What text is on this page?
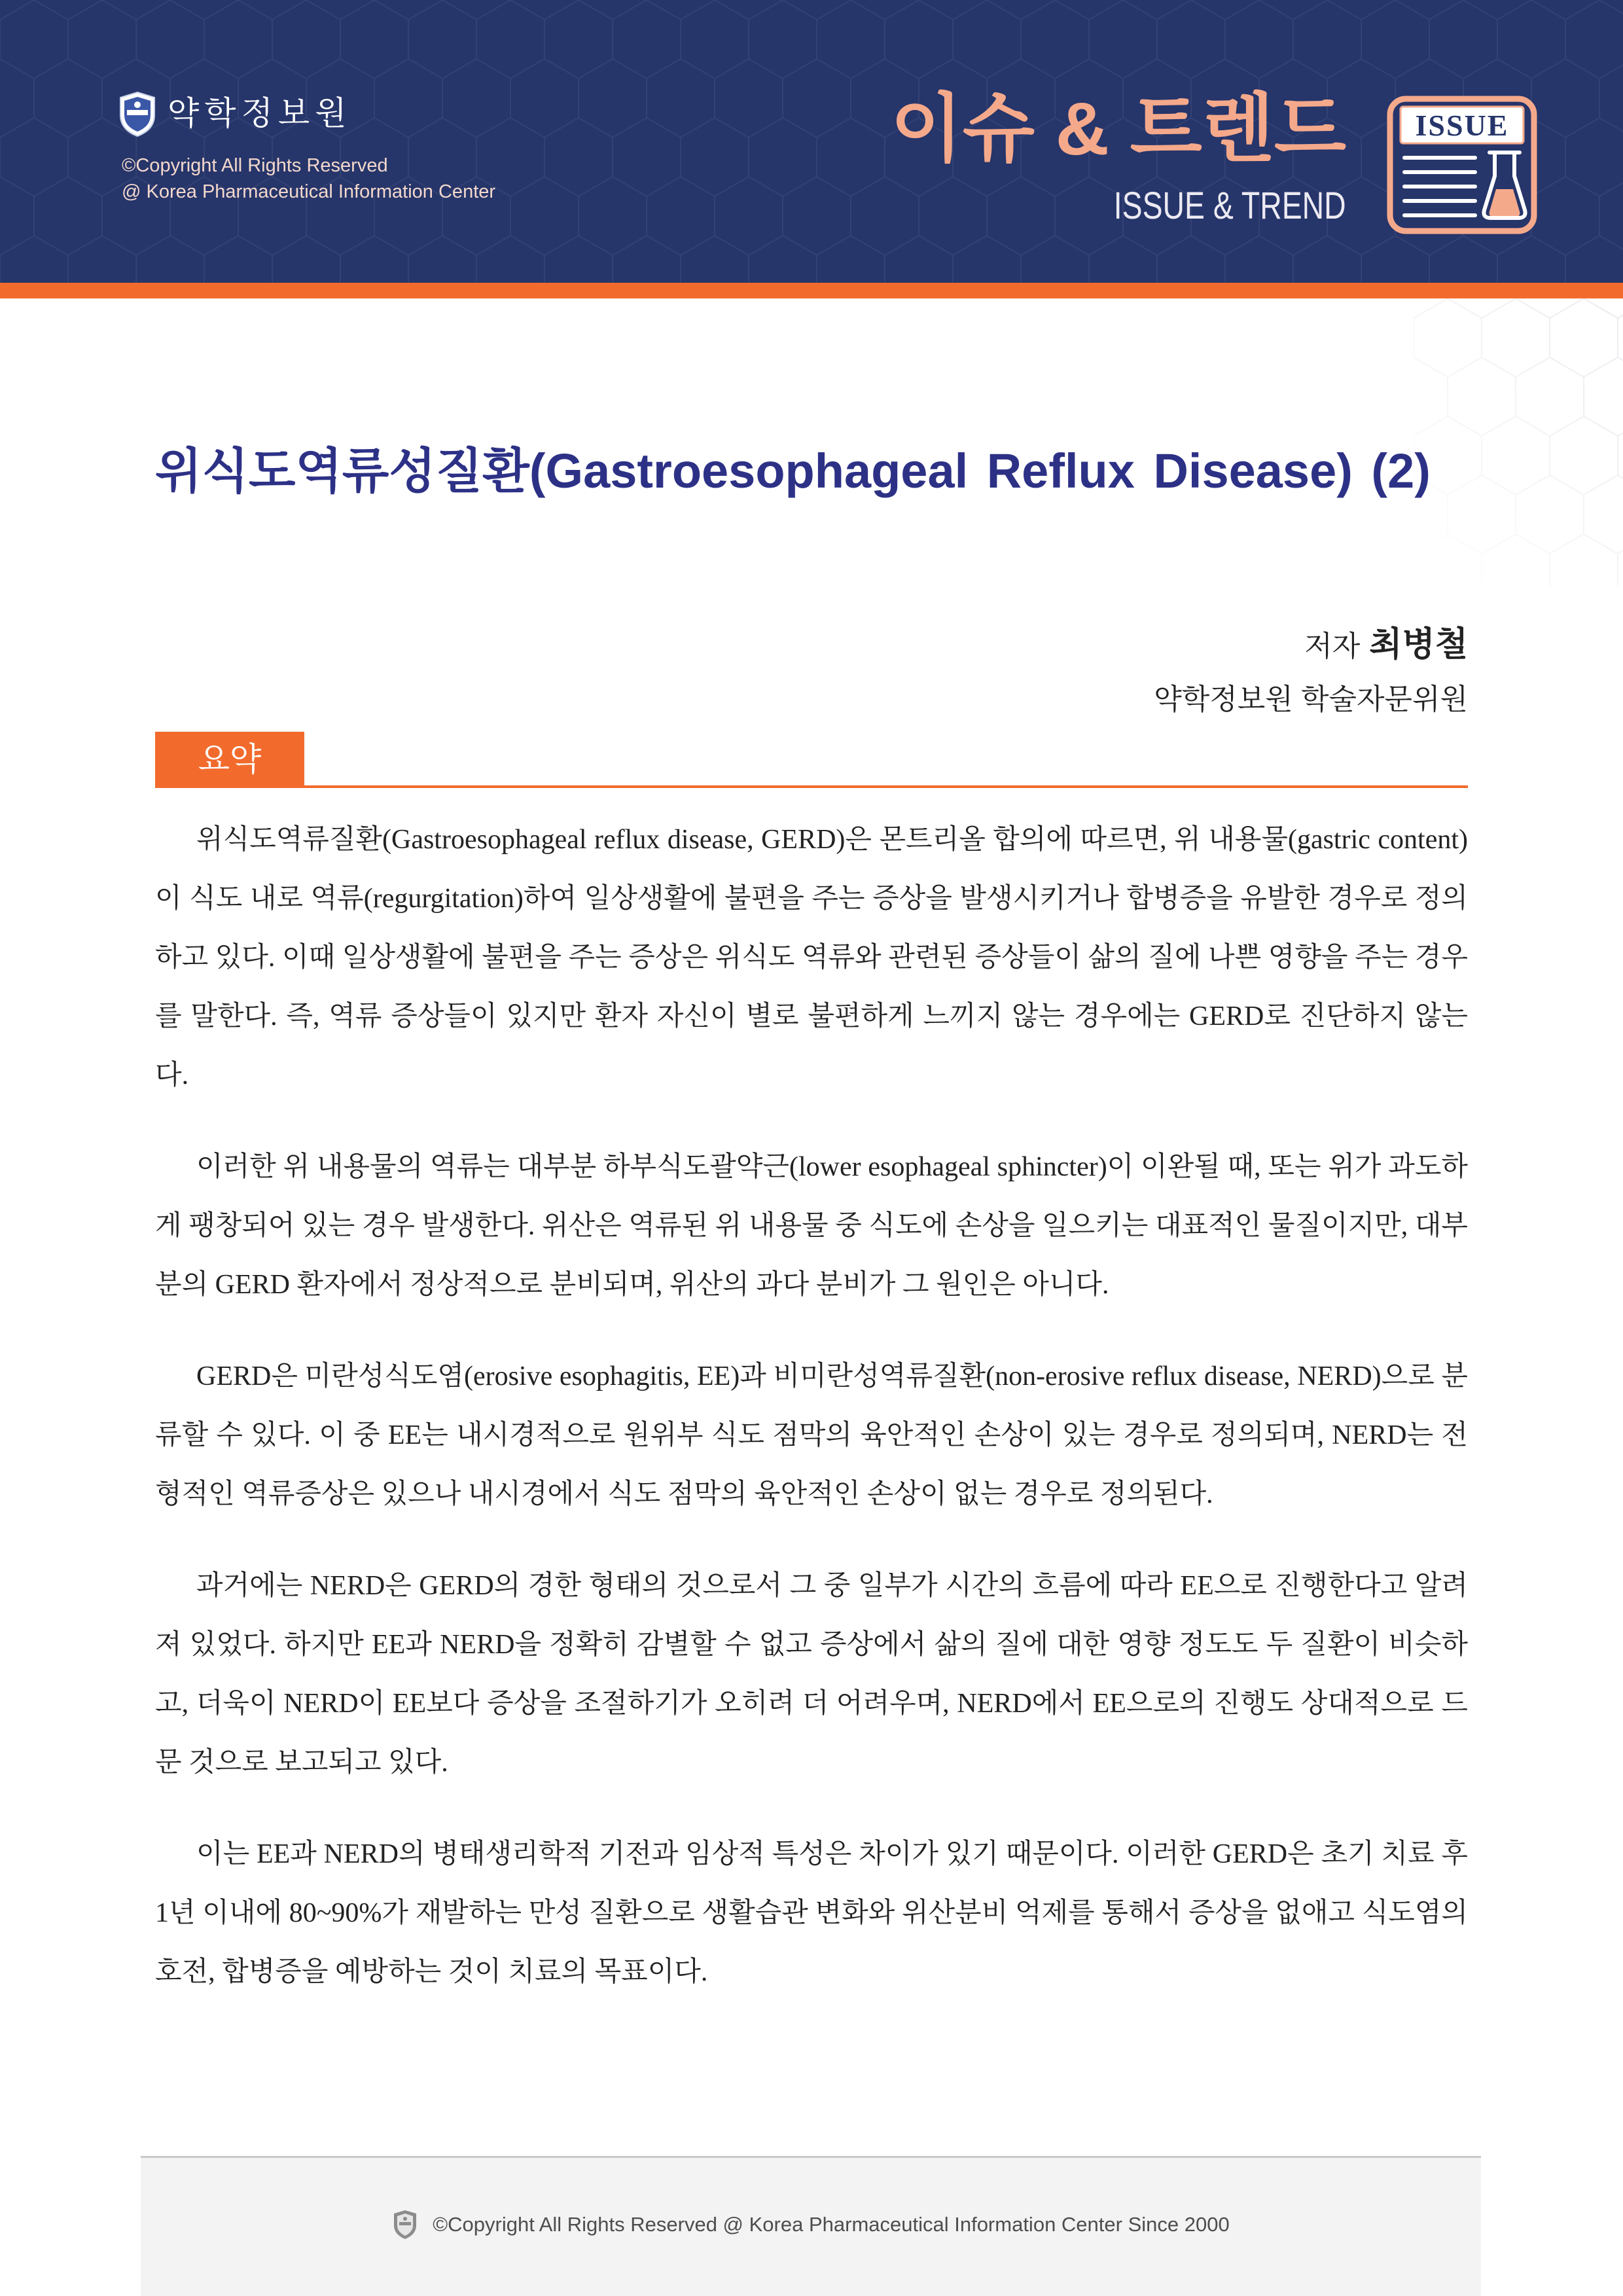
약학정보원
©Copyright All Rights Reserved
@ Korea Pharmaceutical Information Center
이슈 & 트렌드
ISSUE & TREND
ISSUE
위식도역류성질환(Gastroesophageal Reflux Disease) (2)
저자 최병철
약학정보원 학술자문위원
요약

위식도역류질환(Gastroesophageal reflux disease, GERD)은 몬트리올 합의에 따르면, 위 내용물(gastric content)이 식도 내로 역류(regurgitation)하여 일상생활에 불편을 주는 증상을 발생시키거나 합병증을 유발한 경우로 정의하고 있다. 이때 일상생활에 불편을 주는 증상은 위식도 역류와 관련된 증상들이 삶의 질에 나쁜 영향을 주는 경우를 말한다. 즉, 역류 증상들이 있지만 환자 자신이 별로 불편하게 느끼지 않는 경우에는 GERD로 진단하지 않는다.

이러한 위 내용물의 역류는 대부분 하부식도괄약근(lower esophageal sphincter)이 이완될 때, 또는 위가 과도하게 팽창되어 있는 경우 발생한다. 위산은 역류된 위 내용물 중 식도에 손상을 일으키는 대표적인 물질이지만, 대부분의 GERD 환자에서 정상적으로 분비되며, 위산의 과다 분비가 그 원인은 아니다.

GERD은 미란성식도염(erosive esophagitis, EE)과 비미란성역류질환(non-erosive reflux disease, NERD)으로 분류할 수 있다. 이 중 EE는 내시경적으로 원위부 식도 점막의 육안적인 손상이 있는 경우로 정의되며, NERD는 전형적인 역류증상은 있으나 내시경에서 식도 점막의 육안적인 손상이 없는 경우로 정의된다.

과거에는 NERD은 GERD의 경한 형태의 것으로서 그 중 일부가 시간의 흐름에 따라 EE으로 진행한다고 알려져 있었다. 하지만 EE과 NERD을 정확히 감별할 수 없고 증상에서 삶의 질에 대한 영향 정도도 두 질환이 비슷하고, 더욱이 NERD이 EE보다 증상을 조절하기가 오히려 더 어려우며, NERD에서 EE으로의 진행도 상대적으로 드문 것으로 보고되고 있다.

이는 EE과 NERD의 병태생리학적 기전과 임상적 특성은 차이가 있기 때문이다. 이러한 GERD은 초기 치료 후 1년 이내에 80~90%가 재발하는 만성 질환으로 생활습관 변화와 위산분비 억제를 통해서 증상을 없애고 식도염의 호전, 합병증을 예방하는 것이 치료의 목표이다.

©Copyright All Rights Reserved @ Korea Pharmaceutical Information Center Since 2000
